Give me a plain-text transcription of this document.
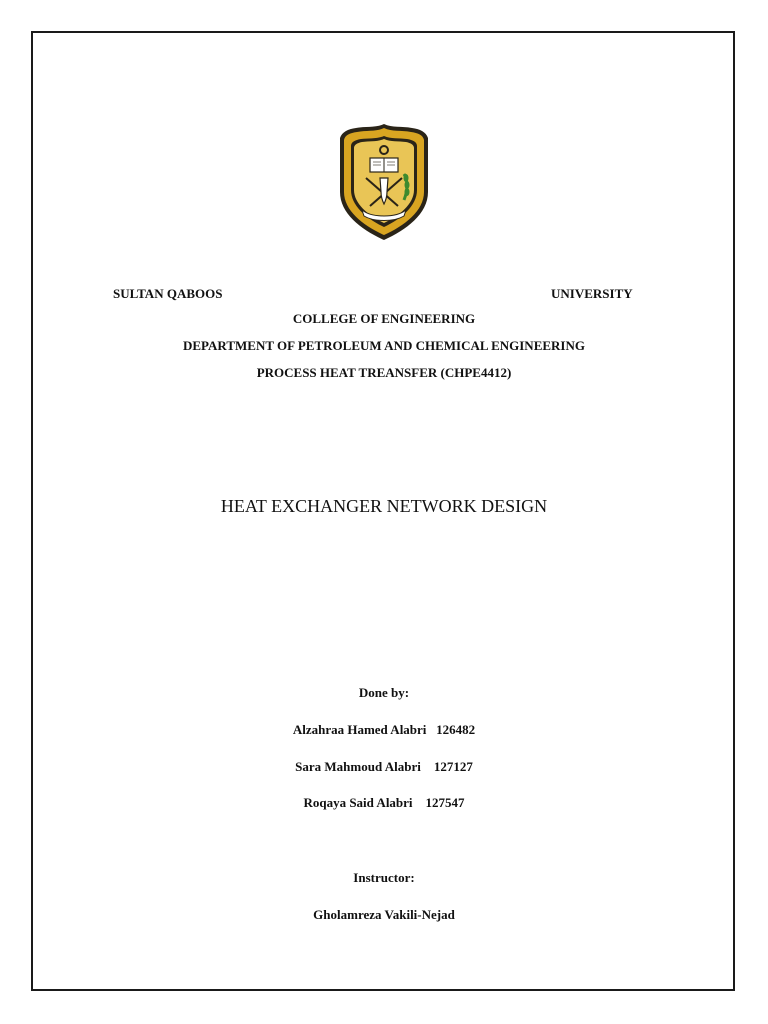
SULTAN QABOOS	UNIVERSITY
COLLEGE OF ENGINEERING
DEPARTMENT OF PETROLEUM AND CHEMICAL ENGINEERING
PROCESS HEAT TREANSFER (CHPE4412)
HEAT EXCHANGER NETWORK DESIGN
Done by:
Alzahraa Hamed Alabri 126482
Sara Mahmoud Alabri 127127
Roqaya Said Alabri 127547
Instructor:
Gholamreza Vakili-Nejad
